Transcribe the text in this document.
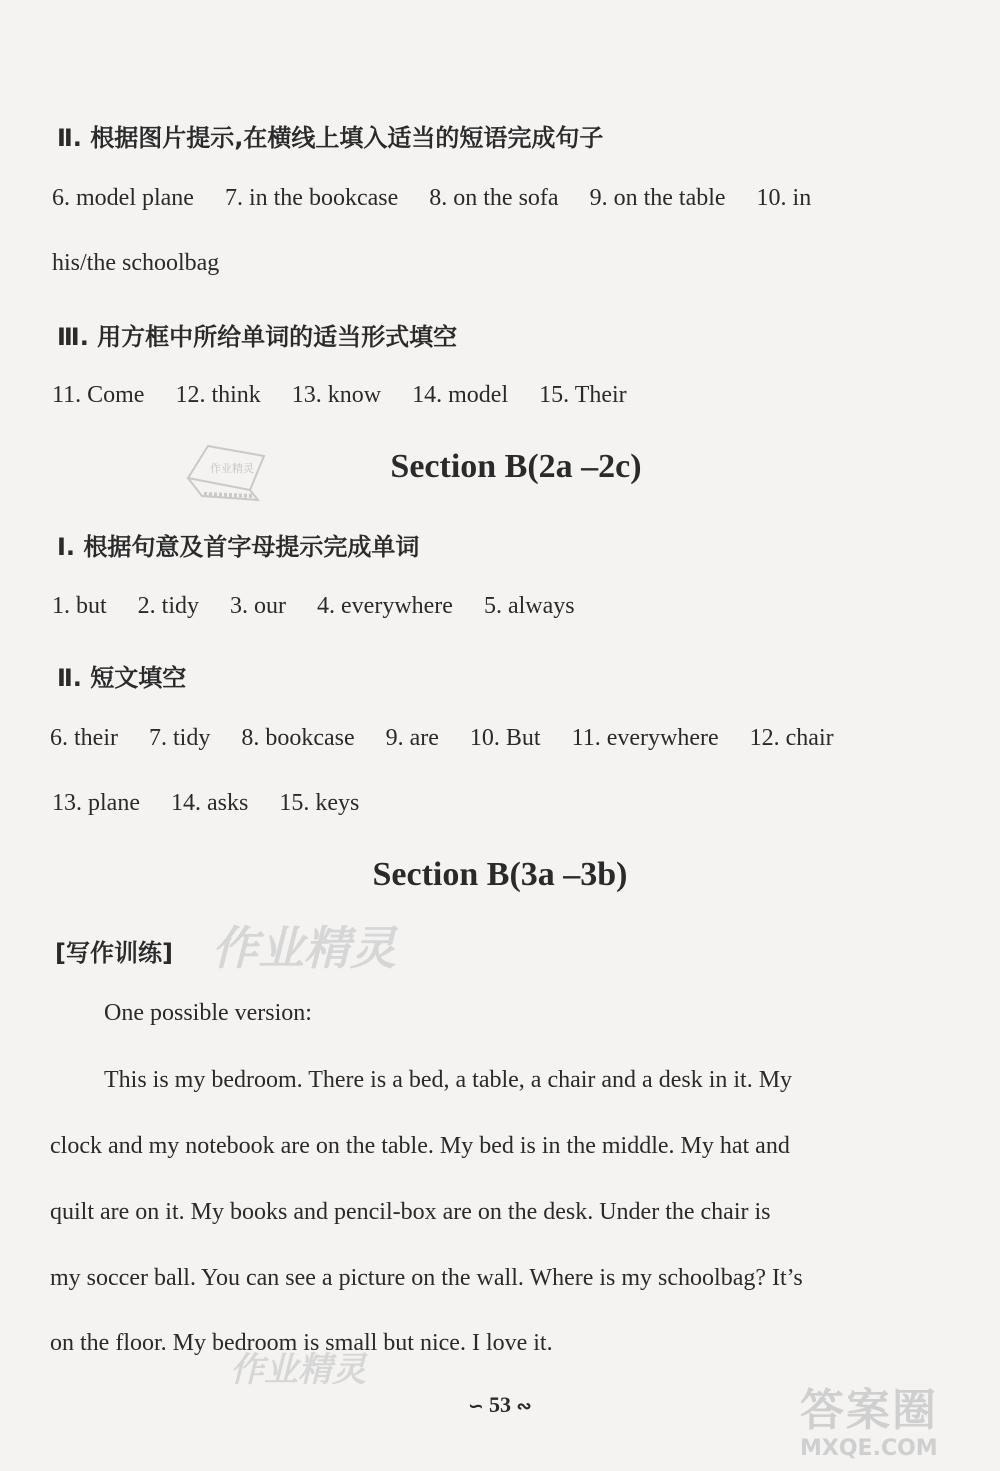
Ⅱ. 根据图片提示,在横线上填入适当的短语完成句子
6. model plane 7. in the bookcase 8. on the sofa 9. on the table 10. in
his/the schoolbag
Ⅲ. 用方框中所给单词的适当形式填空
11. Come 12. think 13. know 14. model 15. Their
作业精灵	Section B(2a –2c)
Ⅰ. 根据句意及首字母提示完成单词
1. but 2. tidy 3. our 4. everywhere 5. always
Ⅱ. 短文填空
6. their 7. tidy 8. bookcase 9. are 10. But 11. everywhere 12. chair
13. plane 14. asks 15. keys
Section B(3a –3b)
[写作训练] 作业精灵
One possible version:
This is my bedroom. There is a bed, a table, a chair and a desk in it. My
clock and my notebook are on the table. My bed is in the middle. My hat and
quilt are on it. My books and pencil-box are on the desk. Under the chair is
my soccer ball. You can see a picture on the wall. Where is my schoolbag? It’s
on the floor. My bedroom is small but nice. I love it.
作业精灵
∽ 53 ∾	答案圈
MXQE.COM
